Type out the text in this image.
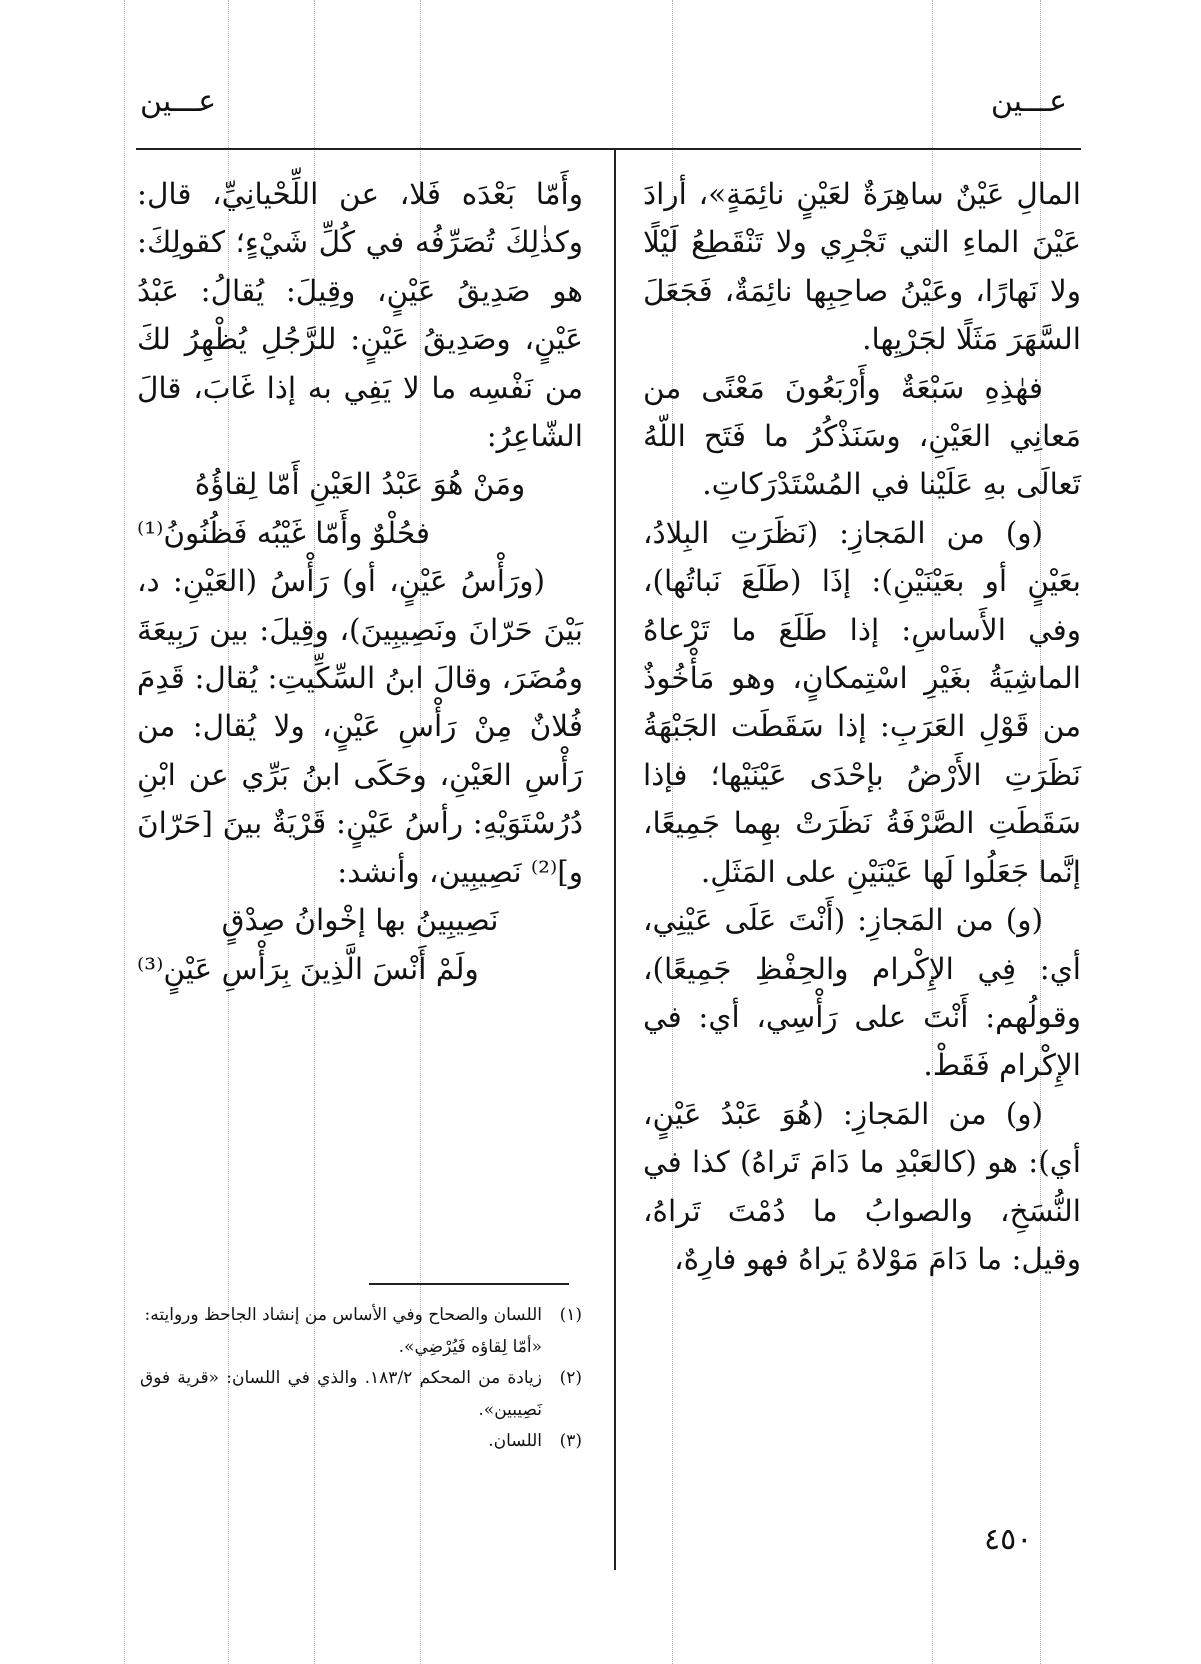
عـــين
عـــين

المالِ عَيْنٌ ساهِرَةٌ لعَيْنٍ نائِمَةٍ»، أرادَ عَيْنَ الماءِ التي تَجْرِي ولا تَنْقَطِعُ لَيْلًا ولا نَهارًا، وعَيْنُ صاحِبِها نائِمَةٌ، فَجَعَلَ السَّهَرَ مَثَلًا لجَرْيِها.

فهٰذِهِ سَبْعَةٌ وأَرْبَعُونَ مَعْنًى من مَعانِي العَيْنِ، وسَنَذْكُرُ ما فَتَح اللّهُ تَعالَى بهِ عَلَيْنا في المُسْتَدْرَكاتِ.

(و) من المَجازِ: (نَظَرَتِ البِلادُ، بعَيْنٍ أو بعَيْنَيْنِ): إذَا (طَلَعَ نَباتُها)، وفي الأَساسِ: إذا طَلَعَ ما تَرْعاهُ الماشِيَةُ بغَيْرِ اسْتِمكانٍ، وهو مَأْخُوذٌ من قَوْلِ العَرَبِ: إذا سَقَطَت الجَبْهَةُ نَظَرَتِ الأَرْضُ بإحْدَى عَيْنَيْها؛ فإذا سَقَطَتِ الصَّرْفَةُ نَظَرَتْ بهِما جَمِيعًا، إنَّما جَعَلُوا لَها عَيْنَيْنِ على المَثَلِ.

(و) من المَجازِ: (أَنْتَ عَلَى عَيْنِي، أي: فِي الإِكْرام والحِفْظِ جَمِيعًا)، وقولُهم: أَنْتَ على رَأْسِي، أي: في الإِكْرام فَقَطْ.

(و) من المَجازِ: (هُوَ عَبْدُ عَيْنٍ، أي): هو (كالعَبْدِ ما دَامَ تَراهُ) كذا في النُّسَخِ، والصوابُ ما دُمْتَ تَراهُ، وقيل: ما دَامَ مَوْلاهُ يَراهُ فهو فارِهٌ،

وأَمّا بَعْدَه فَلا، عن اللِّحْيانِيِّ، قال: وكذٰلِكَ تُصَرِّفُه في كُلِّ شَيْءٍ؛ كقولِكَ: هو صَدِيقُ عَيْنٍ، وقِيلَ: يُقالُ: عَبْدُ عَيْنٍ، وصَدِيقُ عَيْنٍ: للرَّجُلِ يُظْهِرُ لكَ من نَفْسِه ما لا يَفِي به إذا غَابَ، قالَ الشّاعِرُ:

ومَنْ هُوَ عَبْدُ العَيْنِ أَمّا لِقاؤُهُ
فحُلْوٌ وأَمّا غَيْبُه فَظُنُونُ⁽¹⁾

(ورَأْسُ عَيْنٍ، أو) رَأْسُ (العَيْنِ: د، بَيْنَ حَرّانَ ونَصِيبِينَ)، وقِيلَ: بين رَبِيعَةَ ومُضَرَ، وقالَ ابنُ السِّكِّيتِ: يُقال: قَدِمَ فُلانٌ مِنْ رَأْسِ عَيْنٍ، ولا يُقال: من رَأْسِ العَيْنِ، وحَكَى ابنُ بَرِّي عن ابْنِ دُرُسْتَوَيْهِ: رأسُ عَيْنٍ: قَرْيَةٌ بينَ [حَرّانَ و]⁽²⁾ نَصِيبِين، وأنشد:

نَصِيبِينُ بها إخْوانُ صِدْقٍ
ولَمْ أَنْسَ الَّذِينَ بِرَأْسِ عَيْنٍ⁽³⁾
(١)
اللسان والصحاح وفي الأساس من إنشاد الجاحظ وروايته:
«أمّا لِقاؤه فَيُرْضِي».
(٢)
زيادة من المحكم ١٨٣/٢. والذي في اللسان: «قرية فوق نَصِيبين».
(٣)
اللسان.
٤٥٠
